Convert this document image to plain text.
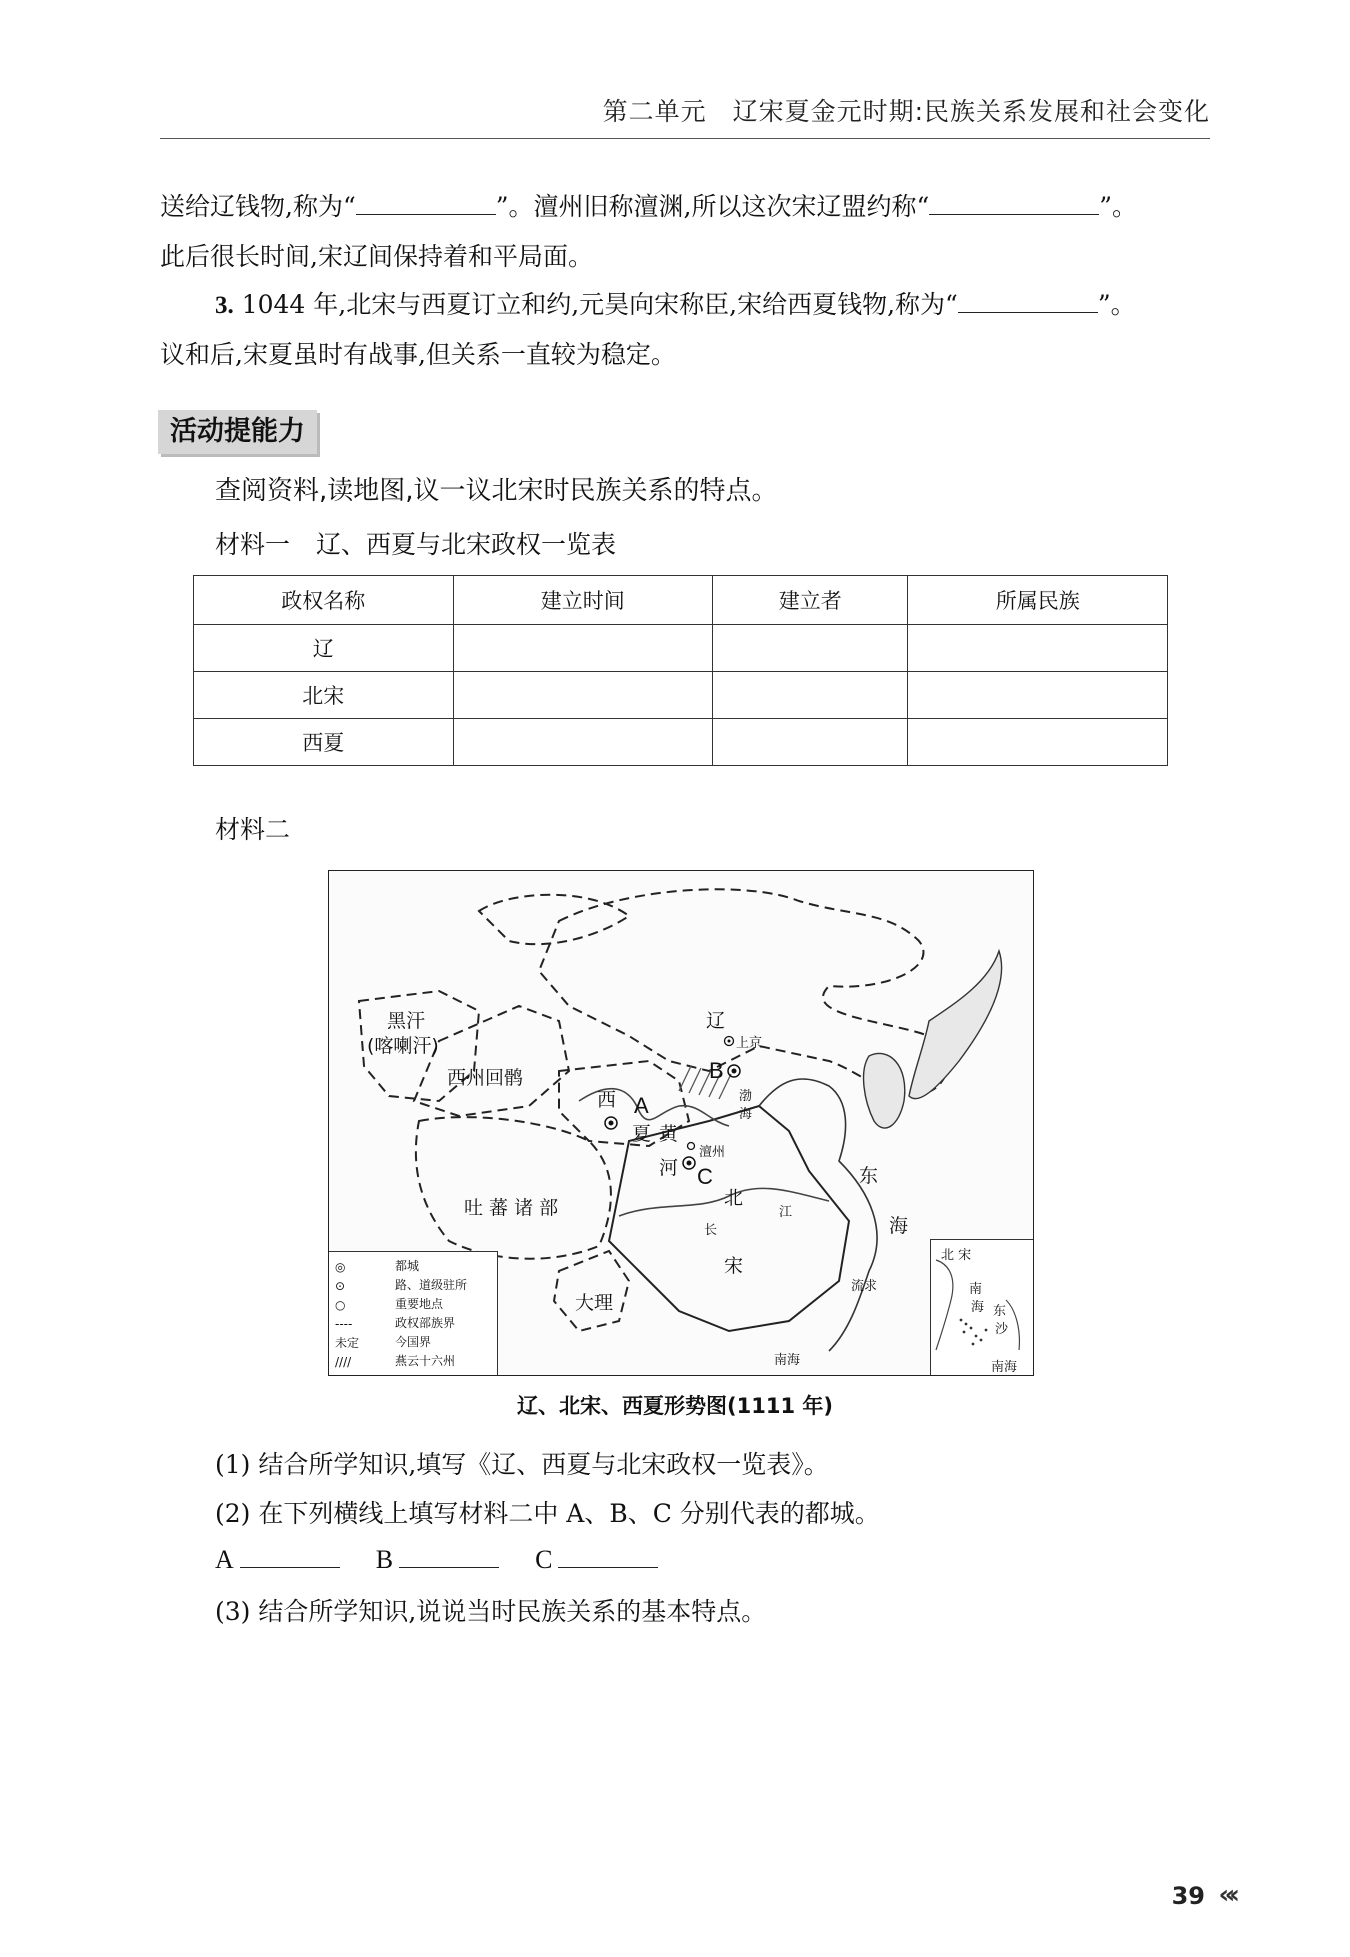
第二单元　辽宋夏金元时期:民族关系发展和社会变化
送给辽钱物,称为“	”。澶州旧称澶渊,所以这次宋辽盟约称“	”。
此后很长时间,宋辽间保持着和平局面。
3. 1044 年,北宋与西夏订立和约,元昊向宋称臣,宋给西夏钱物,称为“	”。
议和后,宋夏虽时有战事,但关系一直较为稳定。
活动提能力
查阅资料,读地图,议一议北宋时民族关系的特点。
材料一 辽、西夏与北宋政权一览表
政权名称	建立时间	建立者	所属民族
辽			
北宋			
西夏			
材料二
辽
上京
B
黑汗
(喀喇汗)
西州回鹘
西 A
夏 黄
河
渤
海
澶州
C
吐 蕃 诸 部	北
宋
长
江
东
海
大理
流求
南海
◎	都城
⊙	路、道级驻所
○	重要地点
----	政权部族界
未定	今国界
////	燕云十六州
北 宋
南
海 东
沙
南海
辽、北宋、西夏形势图(1111 年)
(1) 结合所学知识,填写《辽、西夏与北宋政权一览表》。
(2) 在下列横线上填写材料二中 A、B、C 分别代表的都城。
A	B	C
(3) 结合所学知识,说说当时民族关系的基本特点。
39 «‹
